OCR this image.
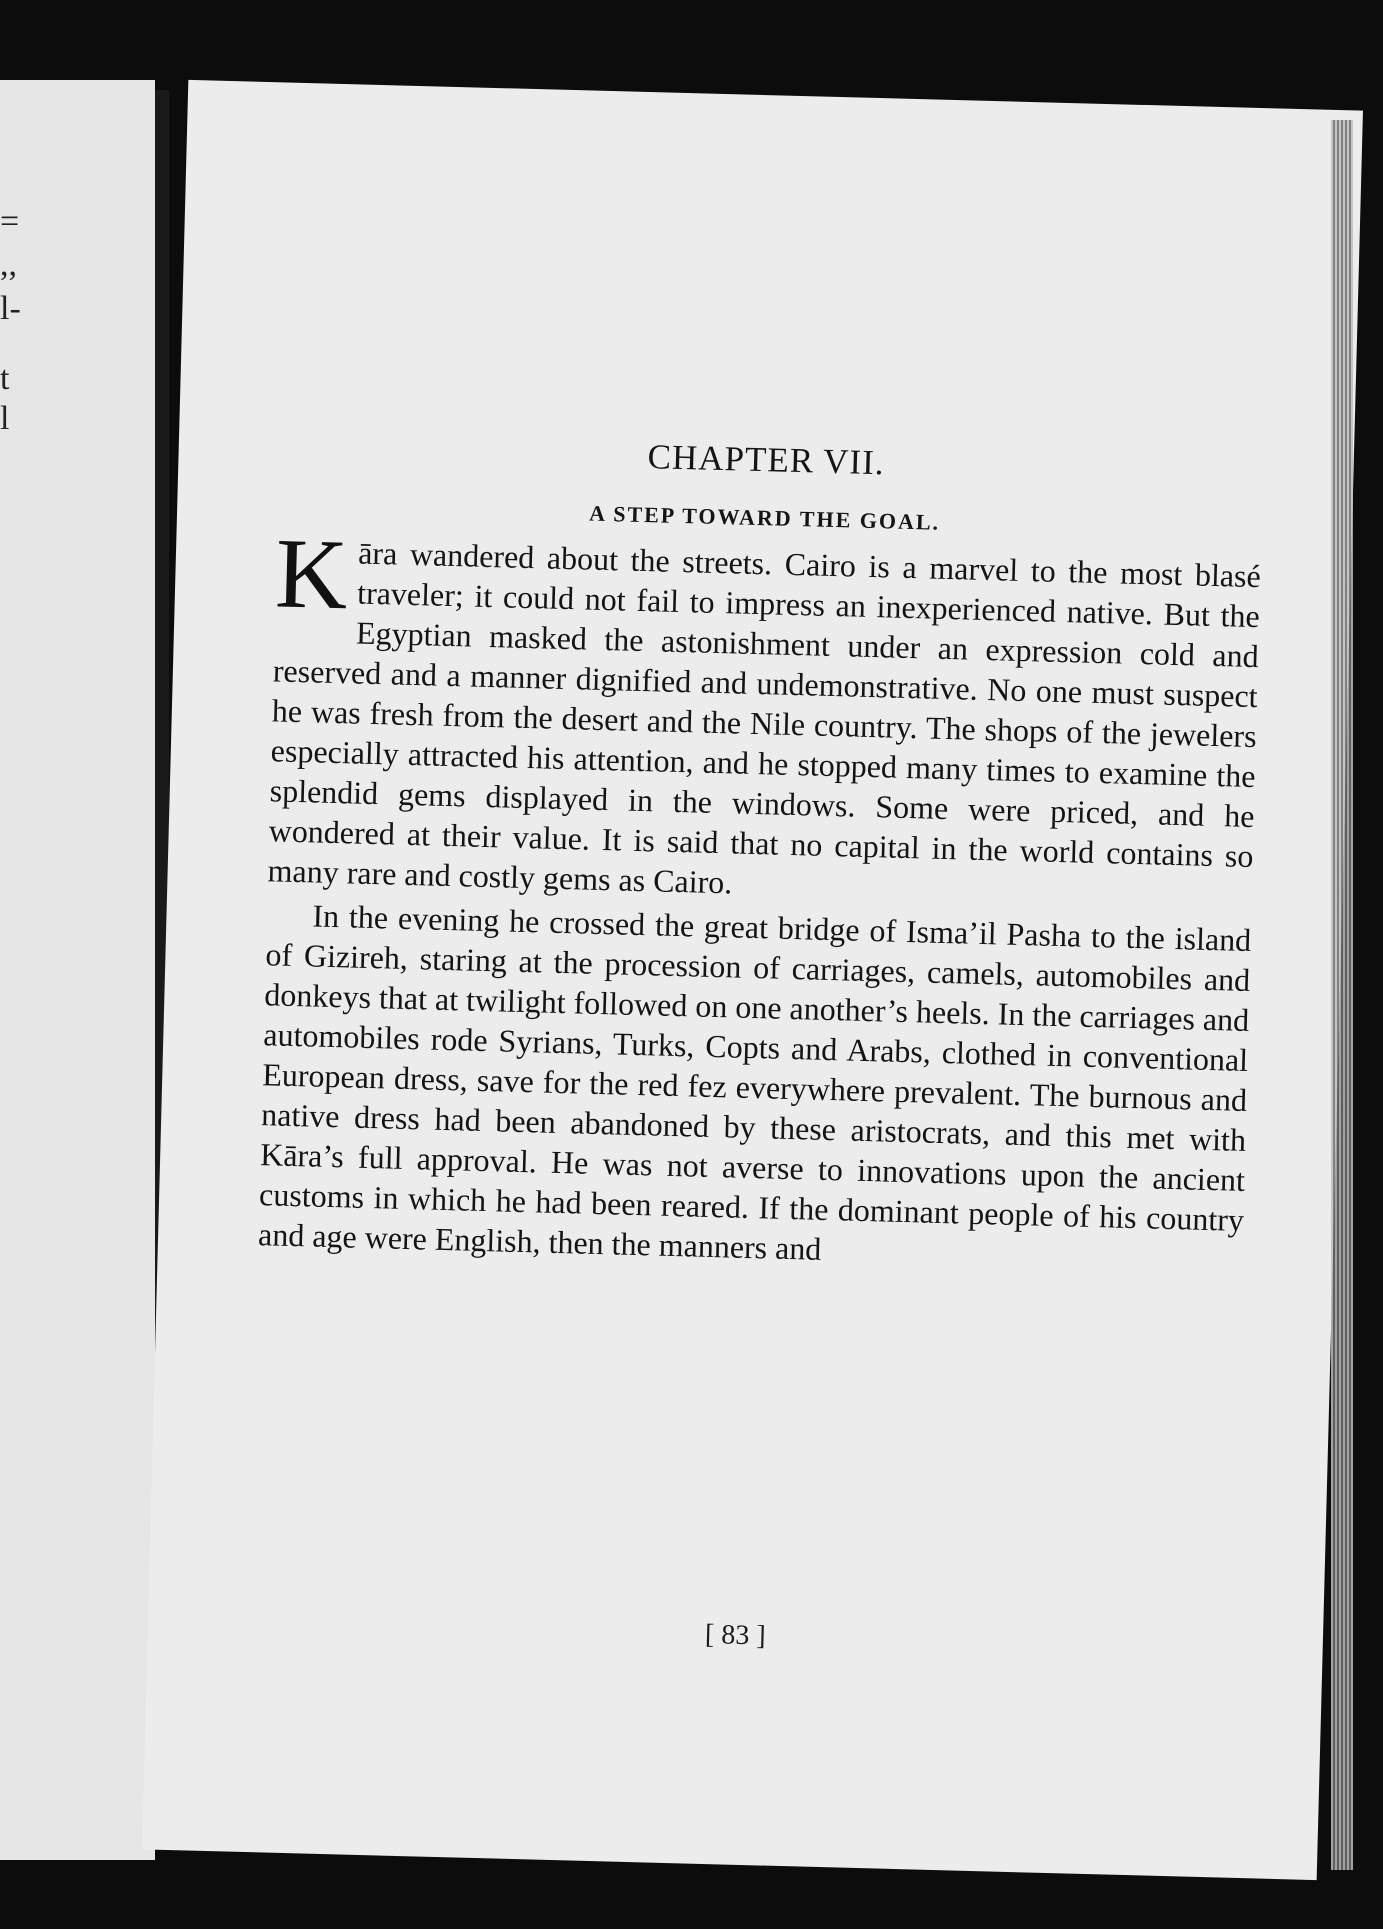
=
,,
l-
t
l
CHAPTER VII.
A STEP TOWARD THE GOAL.

Kāra wandered about the streets. Cairo is a marvel to the most blasé traveler; it could not fail to impress an inexperienced native. But the Egyptian masked the astonishment under an expression cold and reserved and a manner dignified and undemonstrative. No one must suspect he was fresh from the desert and the Nile country. The shops of the jewelers especially attracted his attention, and he stopped many times to examine the splendid gems displayed in the windows. Some were priced, and he wondered at their value. It is said that no capital in the world contains so many rare and costly gems as Cairo.

In the evening he crossed the great bridge of Isma’il Pasha to the island of Gizireh, staring at the procession of carriages, camels, automobiles and donkeys that at twilight followed on one another’s heels. In the carriages and automobiles rode Syrians, Turks, Copts and Arabs, clothed in conventional European dress, save for the red fez everywhere prevalent. The burnous and native dress had been abandoned by these aristocrats, and this met with Kāra’s full approval. He was not averse to innovations upon the ancient customs in which he had been reared. If the dominant people of his country and age were English, then the manners and

[ 83 ]
